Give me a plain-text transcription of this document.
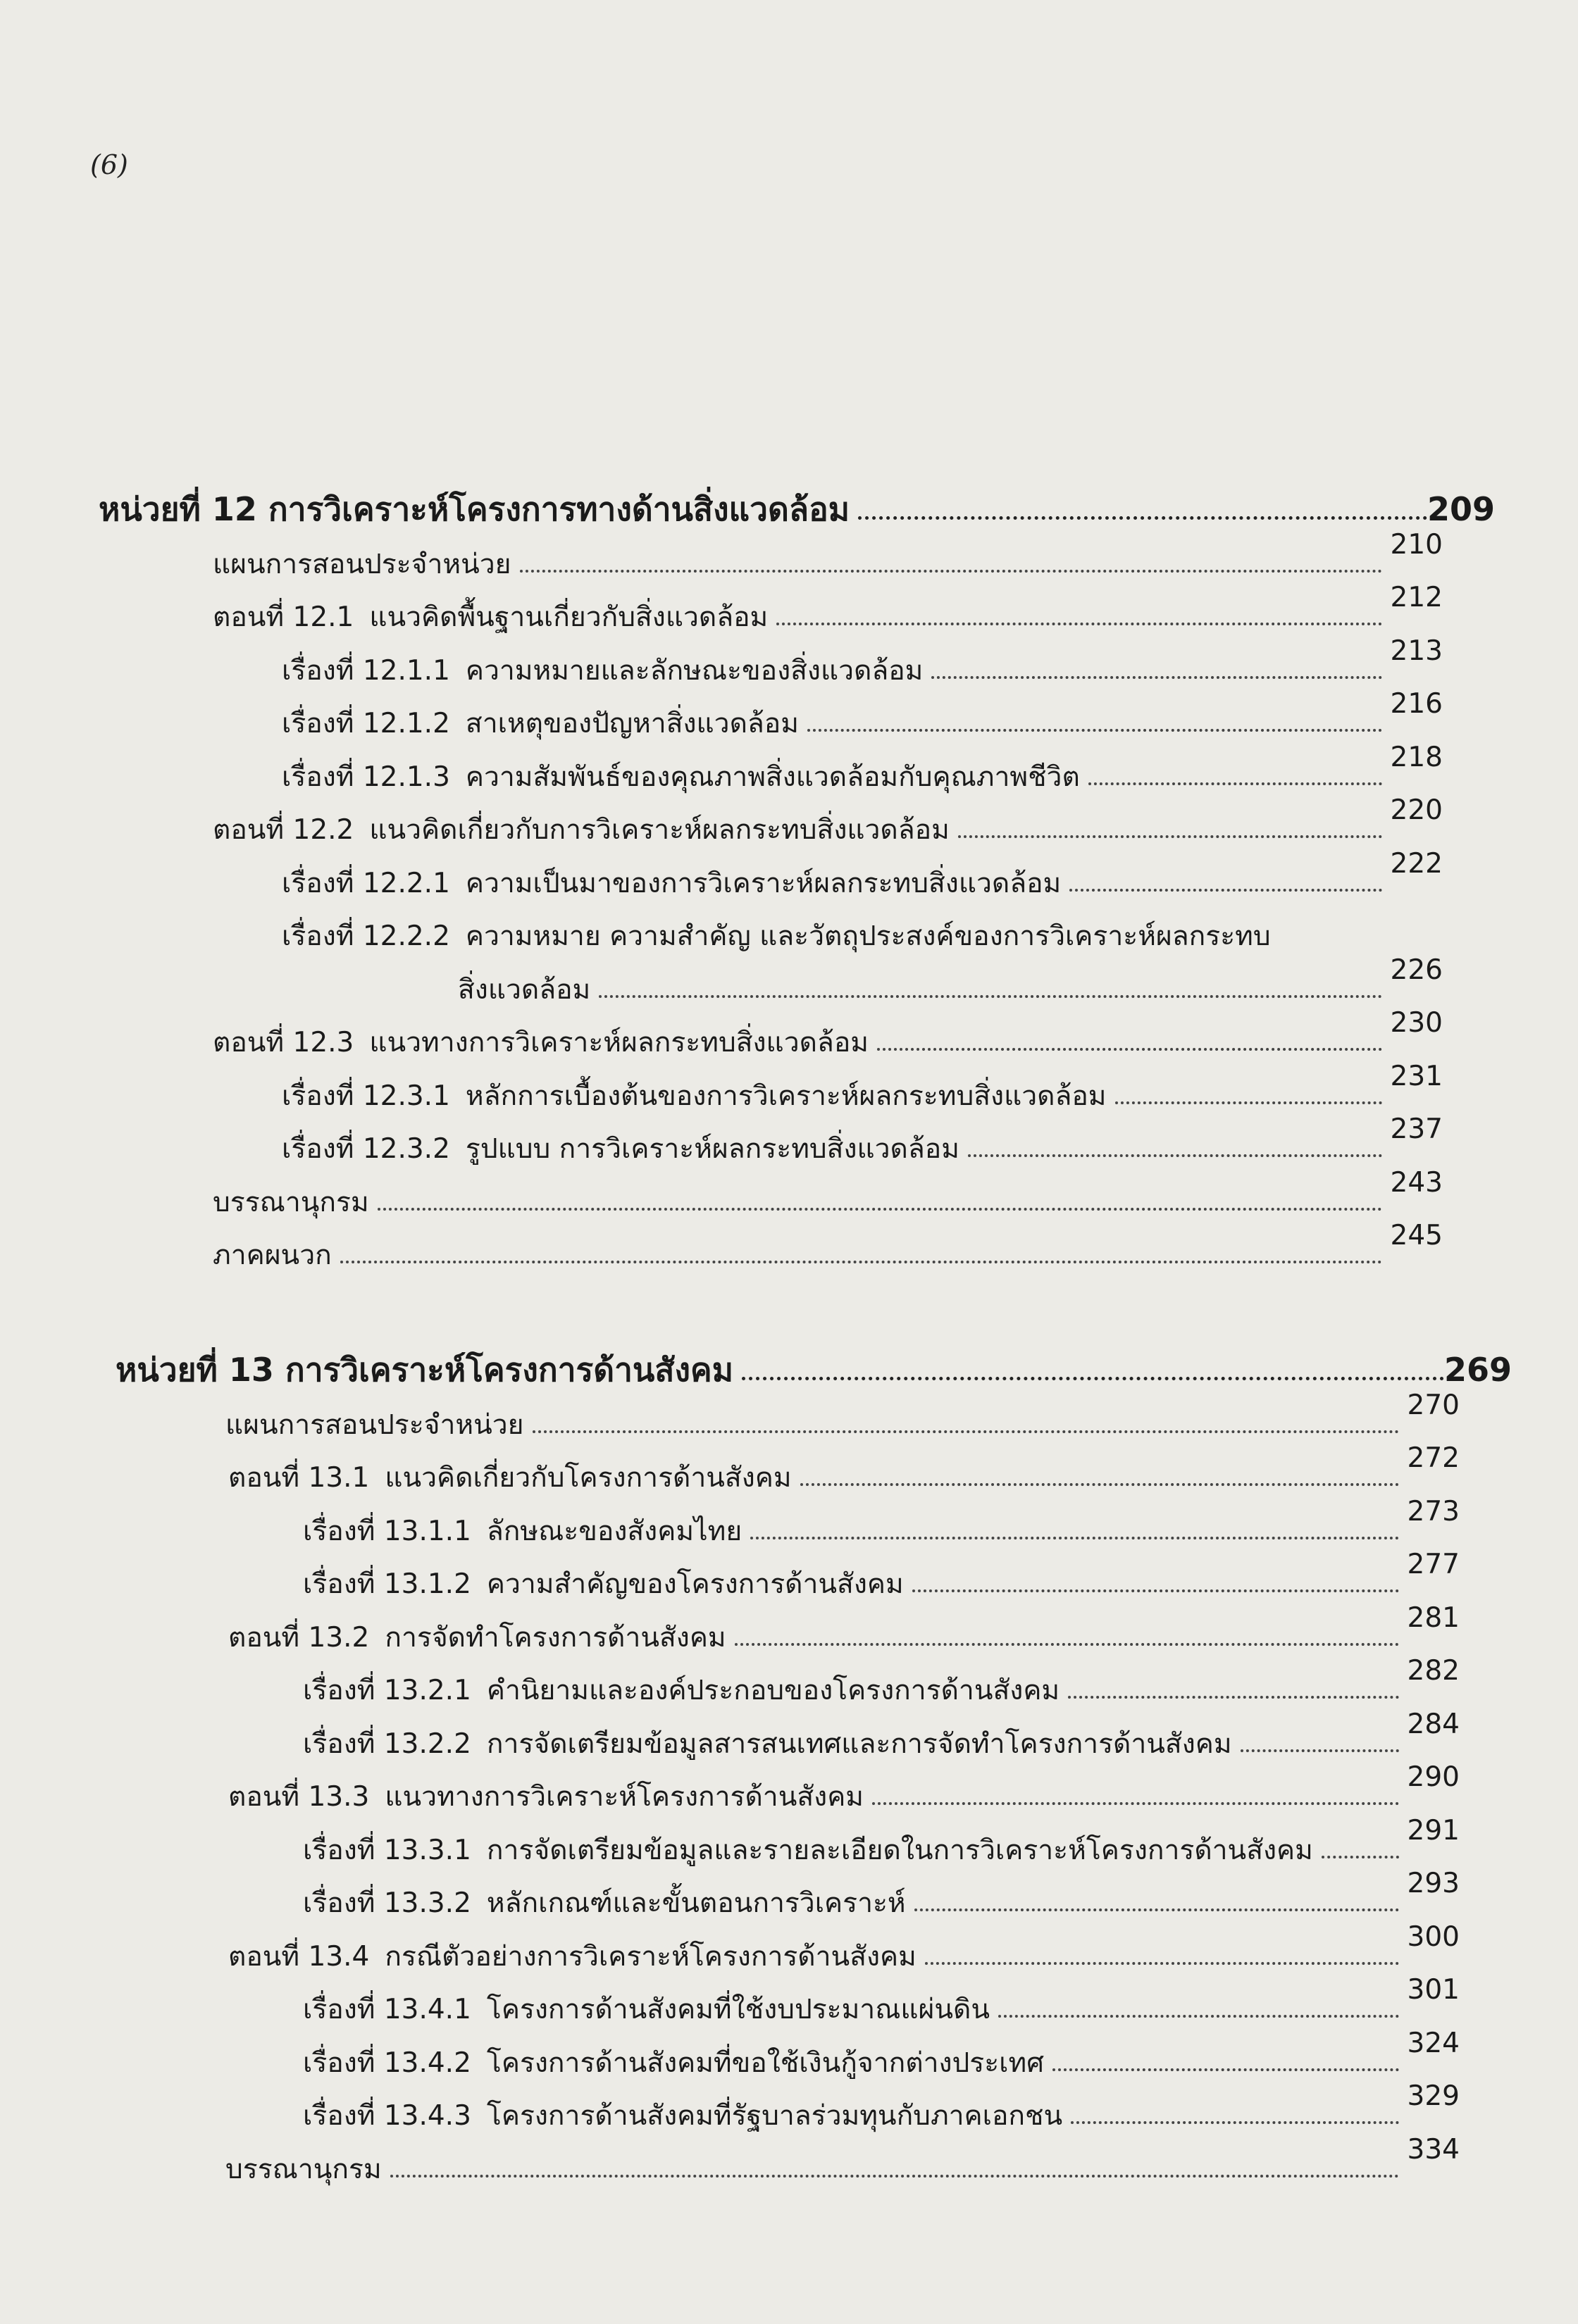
(6)
หน่วยที่ 12 การวิเคราะห์โครงการทางด้านสิ่งแวดล้อม	209
แผนการสอนประจำหน่วย
210
ตอนที่ 12.1 แนวคิดพื้นฐานเกี่ยวกับสิ่งแวดล้อม
212
เรื่องที่ 12.1.1 ความหมายและลักษณะของสิ่งแวดล้อม
213
เรื่องที่ 12.1.2 สาเหตุของปัญหาสิ่งแวดล้อม
216
เรื่องที่ 12.1.3 ความสัมพันธ์ของคุณภาพสิ่งแวดล้อมกับคุณภาพชีวิต
218
ตอนที่ 12.2 แนวคิดเกี่ยวกับการวิเคราะห์ผลกระทบสิ่งแวดล้อม
220
เรื่องที่ 12.2.1 ความเป็นมาของการวิเคราะห์ผลกระทบสิ่งแวดล้อม
222
เรื่องที่ 12.2.2 ความหมาย ความสำคัญ และวัตถุประสงค์ของการวิเคราะห์ผลกระทบ
สิ่งแวดล้อม
226
ตอนที่ 12.3 แนวทางการวิเคราะห์ผลกระทบสิ่งแวดล้อม
230
เรื่องที่ 12.3.1 หลักการเบื้องต้นของการวิเคราะห์ผลกระทบสิ่งแวดล้อม
231
เรื่องที่ 12.3.2 รูปแบบ การวิเคราะห์ผลกระทบสิ่งแวดล้อม
237
บรรณานุกรม
243
ภาคผนวก
245
หน่วยที่ 13 การวิเคราะห์โครงการด้านสังคม	269
แผนการสอนประจำหน่วย
270
ตอนที่ 13.1 แนวคิดเกี่ยวกับโครงการด้านสังคม
272
เรื่องที่ 13.1.1 ลักษณะของสังคมไทย
273
เรื่องที่ 13.1.2 ความสำคัญของโครงการด้านสังคม
277
ตอนที่ 13.2 การจัดทำโครงการด้านสังคม
281
เรื่องที่ 13.2.1 คำนิยามและองค์ประกอบของโครงการด้านสังคม
282
เรื่องที่ 13.2.2 การจัดเตรียมข้อมูลสารสนเทศและการจัดทำโครงการด้านสังคม
284
ตอนที่ 13.3 แนวทางการวิเคราะห์โครงการด้านสังคม
290
เรื่องที่ 13.3.1 การจัดเตรียมข้อมูลและรายละเอียดในการวิเคราะห์โครงการด้านสังคม
291
เรื่องที่ 13.3.2 หลักเกณฑ์และขั้นตอนการวิเคราะห์
293
ตอนที่ 13.4 กรณีตัวอย่างการวิเคราะห์โครงการด้านสังคม
300
เรื่องที่ 13.4.1 โครงการด้านสังคมที่ใช้งบประมาณแผ่นดิน
301
เรื่องที่ 13.4.2 โครงการด้านสังคมที่ขอใช้เงินกู้จากต่างประเทศ
324
เรื่องที่ 13.4.3 โครงการด้านสังคมที่รัฐบาลร่วมทุนกับภาคเอกชน
329
บรรณานุกรม
334
